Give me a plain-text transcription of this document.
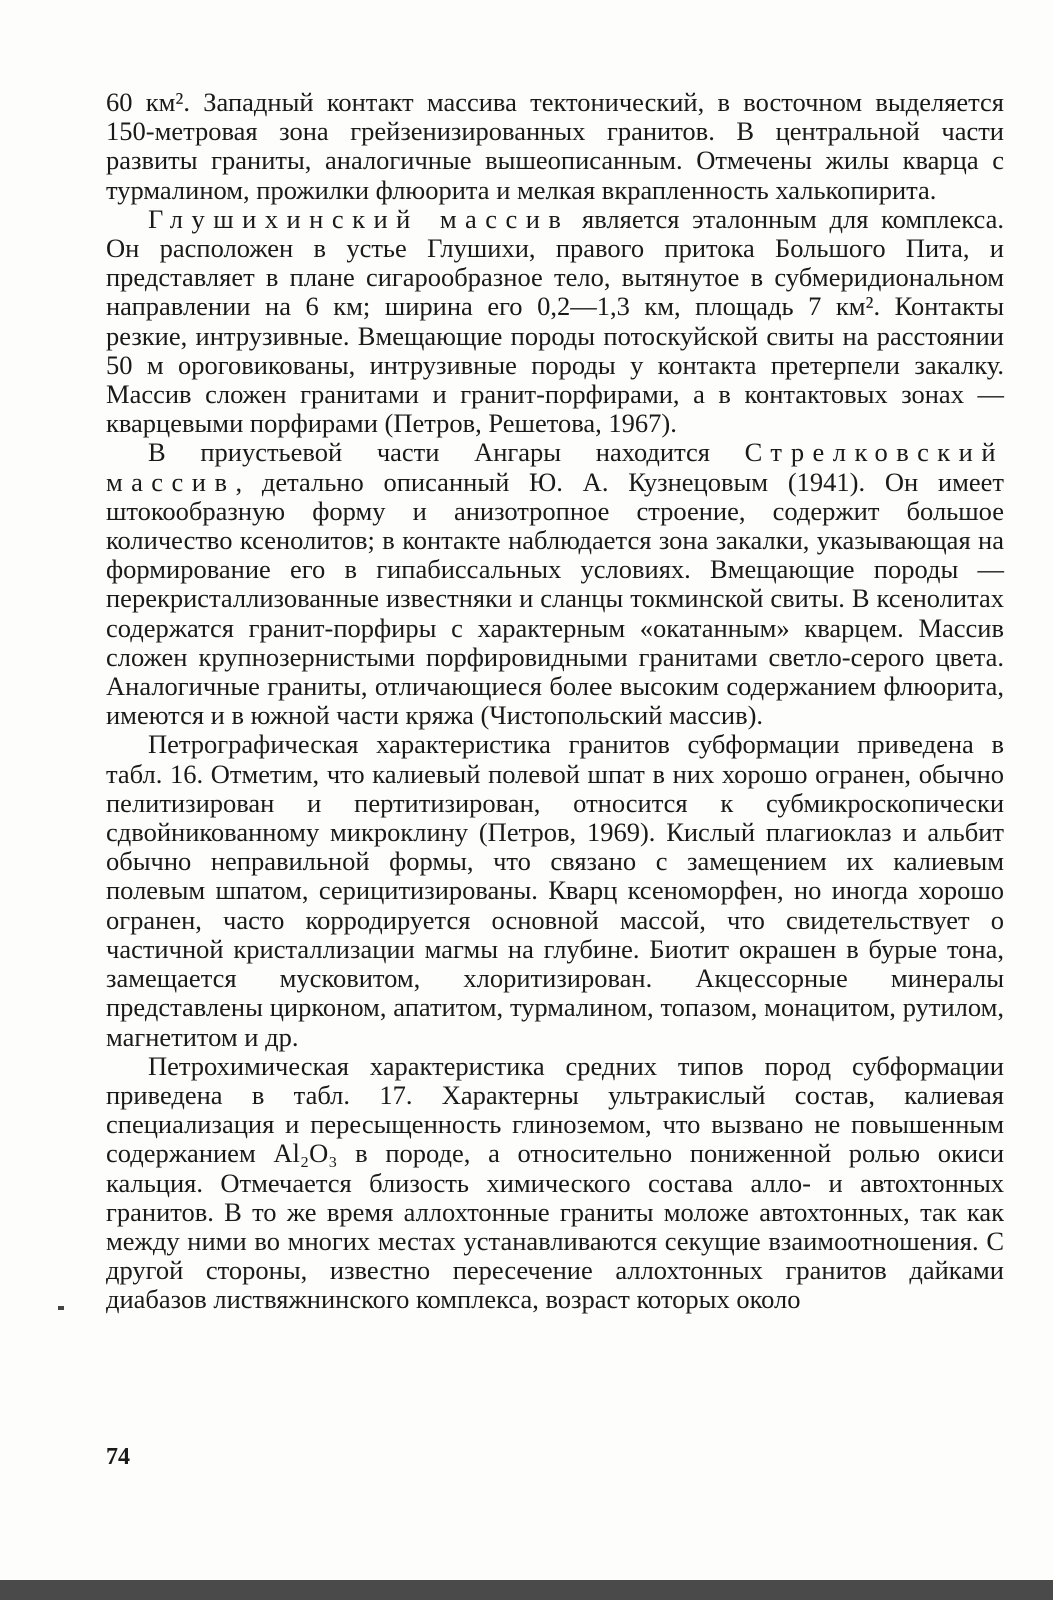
60 км². Западный контакт массива тектонический, в восточном выделяется 150-метровая зона грейзенизированных гранитов. В центральной части развиты граниты, аналогичные вышеописанным. Отмечены жилы кварца с турмалином, прожилки флюорита и мелкая вкрапленность халькопирита.

Глушихинский массив является эталонным для комплекса. Он расположен в устье Глушихи, правого притока Большого Пита, и представляет в плане сигарообразное тело, вытянутое в субмеридиональном направлении на 6 км; ширина его 0,2—1,3 км, площадь 7 км². Контакты резкие, интрузивные. Вмещающие породы потоскуйской свиты на расстоянии 50 м ороговикованы, интрузивные породы у контакта претерпели закалку. Массив сложен гранитами и гранит-порфирами, а в контактовых зонах — кварцевыми порфирами (Петров, Решетова, 1967).

В приустьевой части Ангары находится Стрелковский массив, детально описанный Ю. А. Кузнецовым (1941). Он имеет штокообразную форму и анизотропное строение, содержит большое количество ксенолитов; в контакте наблюдается зона закалки, указывающая на формирование его в гипабиссальных условиях. Вмещающие породы — перекристаллизованные известняки и сланцы токминской свиты. В ксенолитах содержатся гранит-порфиры с характерным «окатанным» кварцем. Массив сложен крупнозернистыми порфировидными гранитами светло-серого цвета. Аналогичные граниты, отличающиеся более высоким содержанием флюорита, имеются и в южной части кряжа (Чистопольский массив).

Петрографическая характеристика гранитов субформации приведена в табл. 16. Отметим, что калиевый полевой шпат в них хорошо огранен, обычно пелитизирован и пертитизирован, относится к субмикроскопически сдвойникованному микроклину (Петров, 1969). Кислый плагиоклаз и альбит обычно неправильной формы, что связано с замещением их калиевым полевым шпатом, серицитизированы. Кварц ксеноморфен, но иногда хорошо огранен, часто корродируется основной массой, что свидетельствует о частичной кристаллизации магмы на глубине. Биотит окрашен в бурые тона, замещается мусковитом, хлоритизирован. Акцессорные минералы представлены цирконом, апатитом, турмалином, топазом, монацитом, рутилом, магнетитом и др.

Петрохимическая характеристика средних типов пород субформации приведена в табл. 17. Характерны ультракислый состав, калиевая специализация и пересыщенность глиноземом, что вызвано не повышенным содержанием Al₂O₃ в породе, а относительно пониженной ролью окиси кальция. Отмечается близость химического состава алло- и автохтонных гранитов. В то же время аллохтонные граниты моложе автохтонных, так как между ними во многих местах устанавливаются секущие взаимоотношения. С другой стороны, известно пересечение аллохтонных гранитов дайками диабазов листвяжнинского комплекса, возраст которых около

74
